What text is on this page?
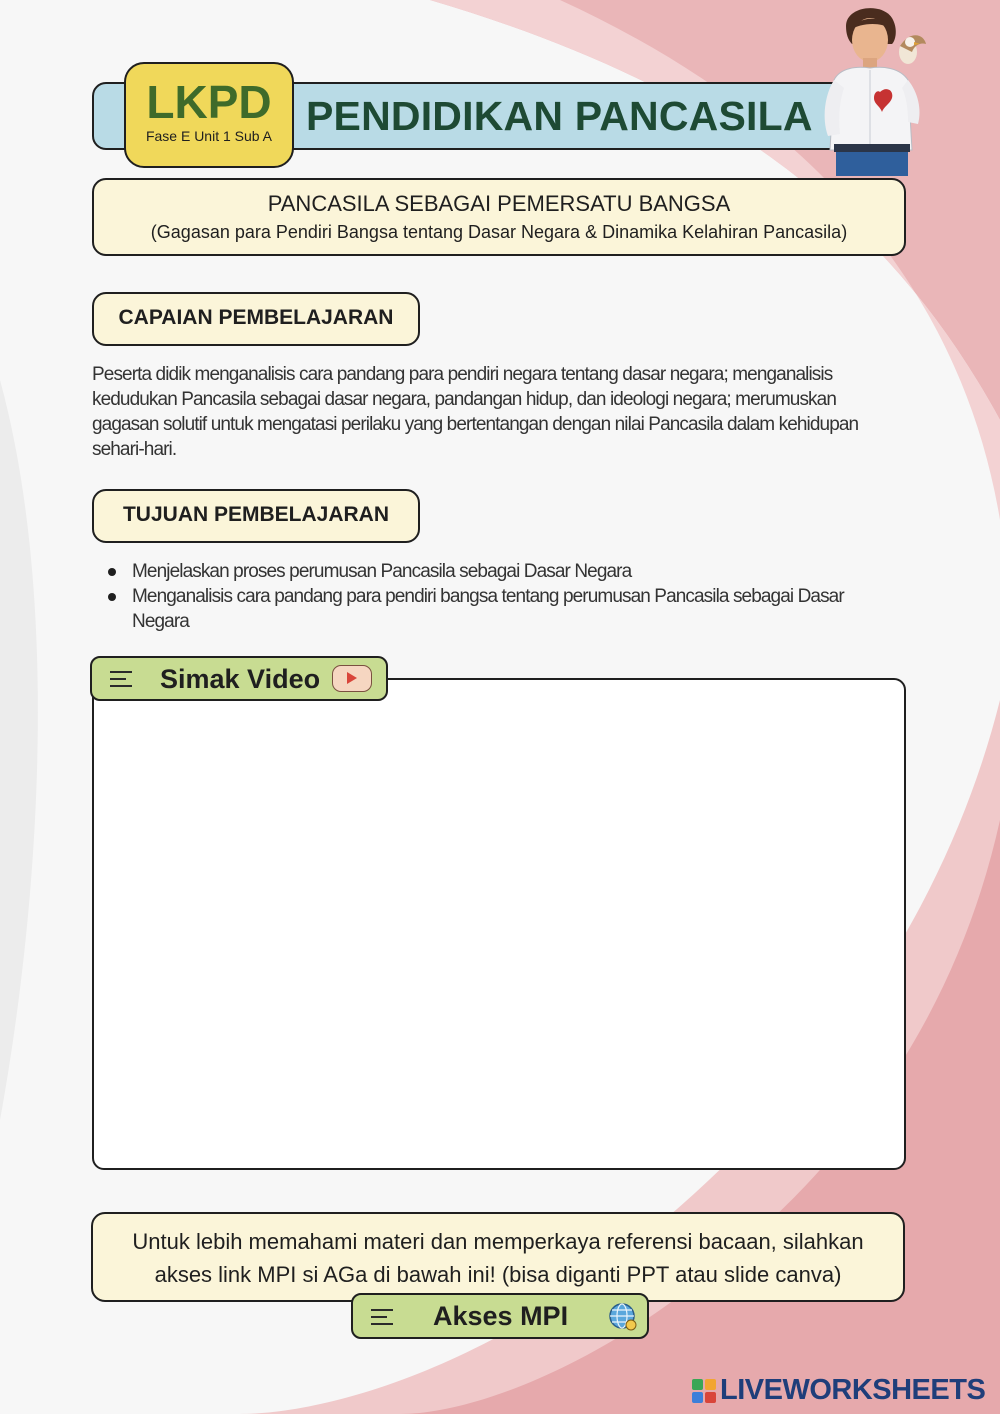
PENDIDIKAN PANCASILA
LKPD
Fase E Unit 1 Sub A
PANCASILA SEBAGAI PEMERSATU BANGSA
(Gagasan para Pendiri Bangsa tentang Dasar Negara & Dinamika Kelahiran Pancasila)
CAPAIAN PEMBELAJARAN
Peserta didik menganalisis cara pandang para pendiri negara tentang dasar negara; menganalisis kedudukan Pancasila sebagai dasar negara, pandangan hidup, dan ideologi negara; merumuskan gagasan solutif untuk mengatasi perilaku yang bertentangan dengan nilai Pancasila dalam kehidupan sehari-hari.
TUJUAN PEMBELAJARAN
Menjelaskan proses perumusan Pancasila sebagai Dasar Negara
Menganalisis cara pandang para pendiri bangsa tentang perumusan Pancasila sebagai Dasar Negara
Simak Video
Untuk lebih memahami materi dan memperkaya referensi bacaan, silahkan
akses link MPI si AGa di bawah ini! (bisa diganti PPT atau slide canva)
Akses MPI
LIVEWORKSHEETS
